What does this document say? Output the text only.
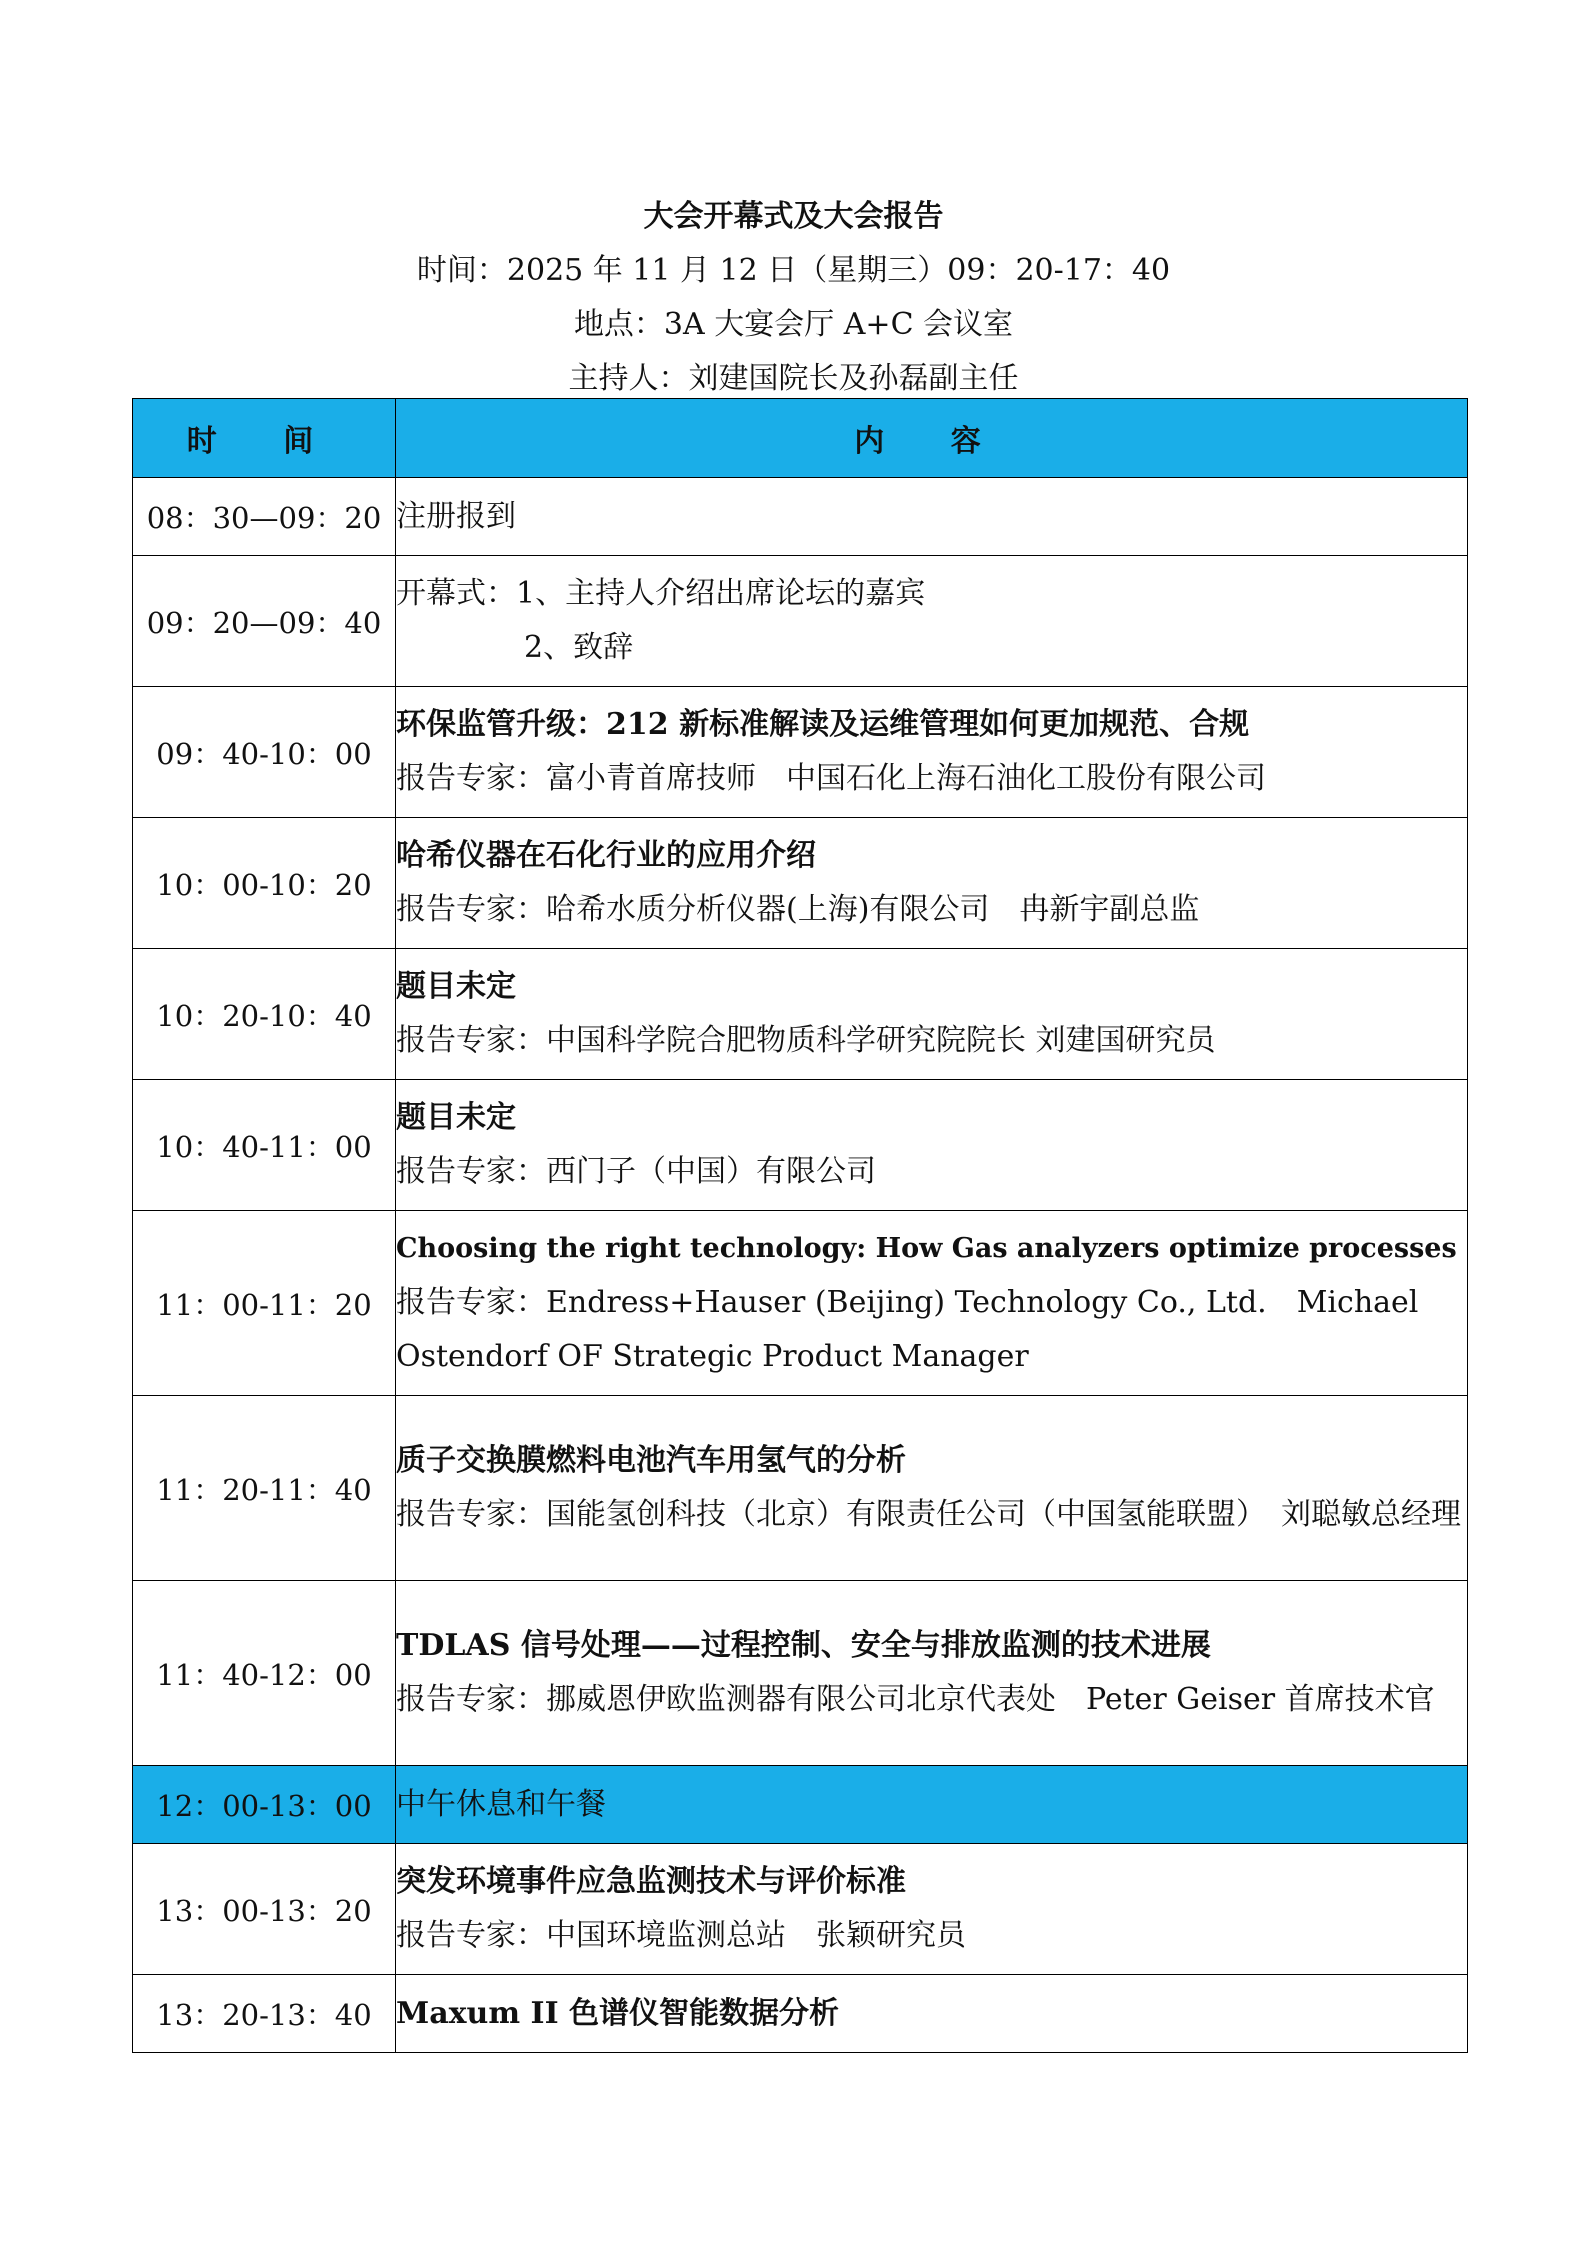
大会开幕式及大会报告
时间：2025 年 11 月 12 日（星期三）09：20-17：40
地点：3A 大宴会厅 A+C 会议室
主持人：刘建国院长及孙磊副主任
时 间	内 容
08：30—09：20	注册报到
09：20—09：40	开幕式：1、主持人介绍出席论坛的嘉宾
2、致辞

09：40-10：00	环保监管升级：212 新标准解读及运维管理如何更加规范、合规
报告专家：富小青首席技师　中国石化上海石油化工股份有限公司

10：00-10：20	哈希仪器在石化行业的应用介绍
报告专家：哈希水质分析仪器(上海)有限公司　冉新宇副总监

10：20-10：40	题目未定
报告专家：中国科学院合肥物质科学研究院院长 刘建国研究员

10：40-11：00	题目未定
报告专家：西门子（中国）有限公司

11：00-11：20	Choosing the right technology: How Gas analyzers optimize processes
报告专家：Endress+Hauser (Beijing) Technology Co., Ltd.　Michael Ostendorf OF Strategic Product Manager

11：20-11：40	质子交换膜燃料电池汽车用氢气的分析
报告专家：国能氢创科技（北京）有限责任公司（中国氢能联盟）　刘聪敏总经理

11：40-12：00	TDLAS 信号处理——过程控制、安全与排放监测的技术进展
报告专家：挪威恩伊欧监测器有限公司北京代表处　Peter Geiser 首席技术官

12：00-13：00	中午休息和午餐
13：00-13：20	突发环境事件应急监测技术与评价标准
报告专家：中国环境监测总站　张颖研究员

13：20-13：40	Maxum II 色谱仪智能数据分析
